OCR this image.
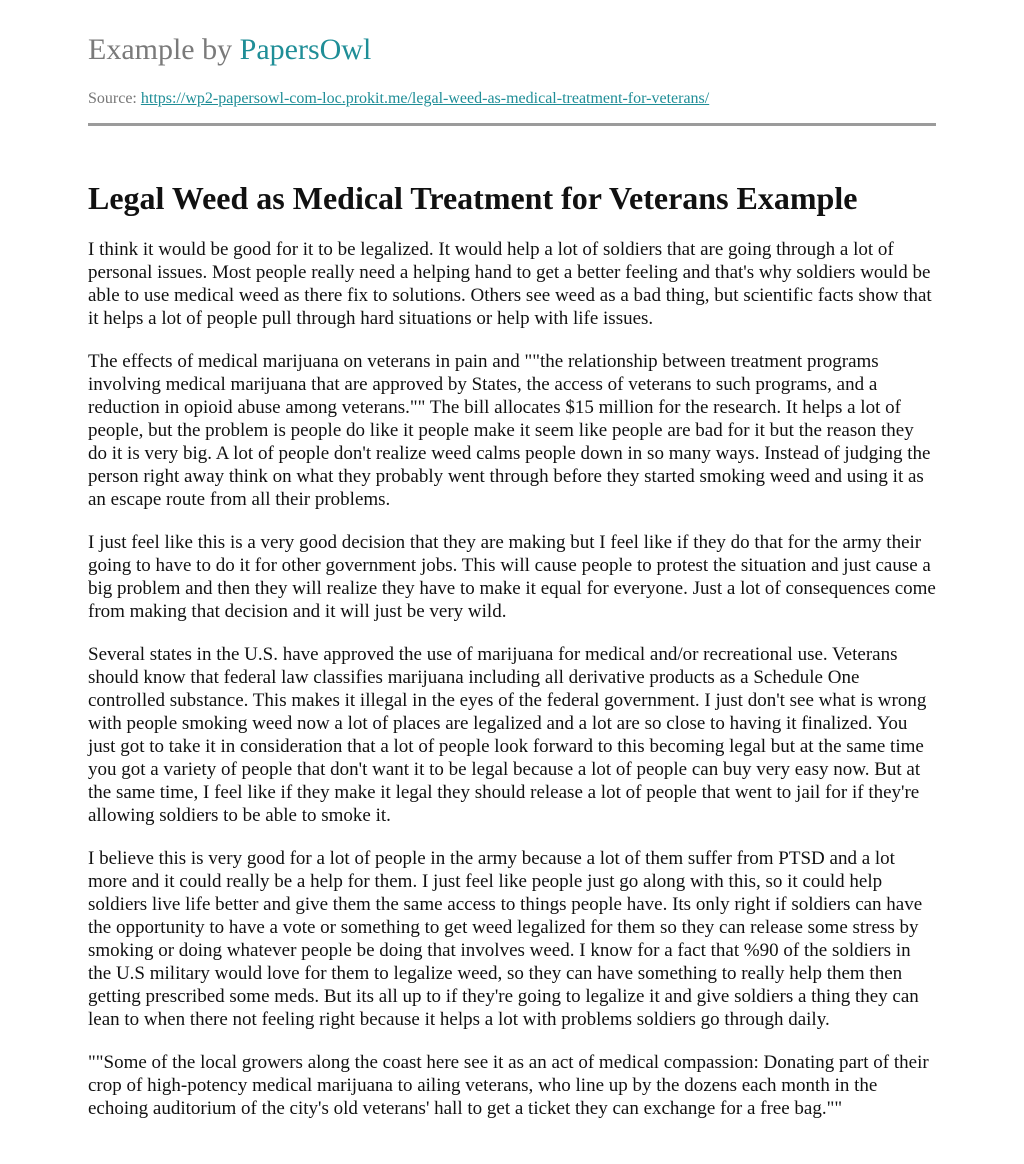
Example by PapersOwl
Source: https://wp2-papersowl-com-loc.prokit.me/legal-weed-as-medical-treatment-for-veterans/
Legal Weed as Medical Treatment for Veterans Example

I think it would be good for it to be legalized. It would help a lot of soldiers that are going through a lot of personal issues. Most people really need a helping hand to get a better feeling and that's why soldiers would be able to use medical weed as there fix to solutions. Others see weed as a bad thing, but scientific facts show that it helps a lot of people pull through hard situations or help with life issues.

The effects of medical marijuana on veterans in pain and ""the relationship between treatment programs involving medical marijuana that are approved by States, the access of veterans to such programs, and a reduction in opioid abuse among veterans."" The bill allocates $15 million for the research. It helps a lot of people, but the problem is people do like it people make it seem like people are bad for it but the reason they do it is very big. A lot of people don't realize weed calms people down in so many ways. Instead of judging the person right away think on what they probably went through before they started smoking weed and using it as an escape route from all their problems.

I just feel like this is a very good decision that they are making but I feel like if they do that for the army their going to have to do it for other government jobs. This will cause people to protest the situation and just cause a big problem and then they will realize they have to make it equal for everyone. Just a lot of consequences come from making that decision and it will just be very wild.

Several states in the U.S. have approved the use of marijuana for medical and/or recreational use. Veterans should know that federal law classifies marijuana including all derivative products as a Schedule One controlled substance. This makes it illegal in the eyes of the federal government. I just don't see what is wrong with people smoking weed now a lot of places are legalized and a lot are so close to having it finalized. You just got to take it in consideration that a lot of people look forward to this becoming legal but at the same time you got a variety of people that don't want it to be legal because a lot of people can buy very easy now. But at the same time, I feel like if they make it legal they should release a lot of people that went to jail for if they're allowing soldiers to be able to smoke it.

I believe this is very good for a lot of people in the army because a lot of them suffer from PTSD and a lot more and it could really be a help for them. I just feel like people just go along with this, so it could help soldiers live life better and give them the same access to things people have. Its only right if soldiers can have the opportunity to have a vote or something to get weed legalized for them so they can release some stress by smoking or doing whatever people be doing that involves weed. I know for a fact that %90 of the soldiers in the U.S military would love for them to legalize weed, so they can have something to really help them then getting prescribed some meds. But its all up to if they're going to legalize it and give soldiers a thing they can lean to when there not feeling right because it helps a lot with problems soldiers go through daily.

""Some of the local growers along the coast here see it as an act of medical compassion: Donating part of their crop of high-potency medical marijuana to ailing veterans, who line up by the dozens each month in the echoing auditorium of the city's old veterans' hall to get a ticket they can exchange for a free bag.""
